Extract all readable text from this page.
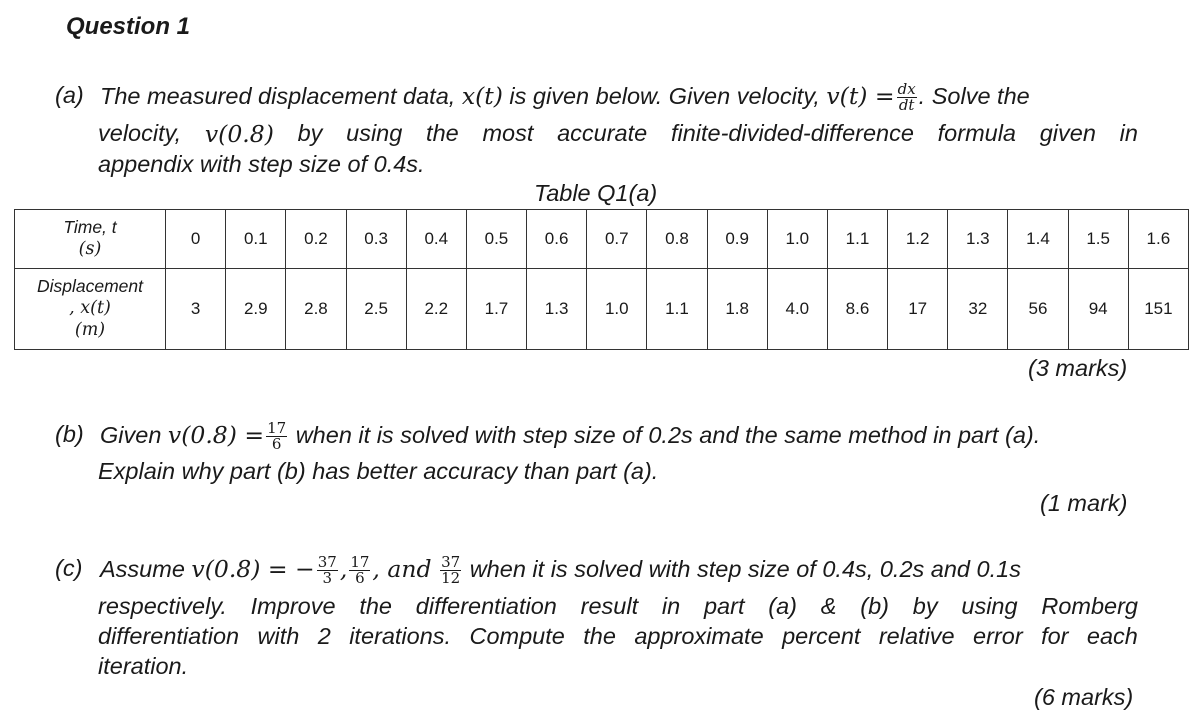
Question 1
(a) The measured displacement data, x(t) is given below. Given velocity, $v(t) = \frac{dx}{dt}$ . Solve the
velocity, v(0.8) by using the most accurate finite-divided-difference formula given in
appendix with step size of 0.4s.
Table Q1(a)
Time, t
(s)	0	0.1	0.2	0.3	0.4	0.5	0.6	0.7	0.8	0.9	1.0	1.1	1.2	1.3	1.4	1.5	1.6

Displacement
, x(t)
(m)	3	2.9	2.8	2.5	2.2	1.7	1.3	1.0	1.1	1.8	4.0	8.6	17	32	56	94	151
(3 marks)
(b) Given $v(0.8) = \frac{17}{6}$ when it is solved with step size of 0.2s and the same method in part (a).
Explain why part (b) has better accuracy than part (a).
(1 mark)
(c) Assume v(0.8) = − $\frac{37}{3}$ , $\frac{17}{6}$ , and $\frac{37}{12}$ when it is solved with step size of 0.4s, 0.2s and 0.1s
respectively. Improve the differentiation result in part (a) & (b) by using Romberg
differentiation with 2 iterations. Compute the approximate percent relative error for each
iteration.
(6 marks)
